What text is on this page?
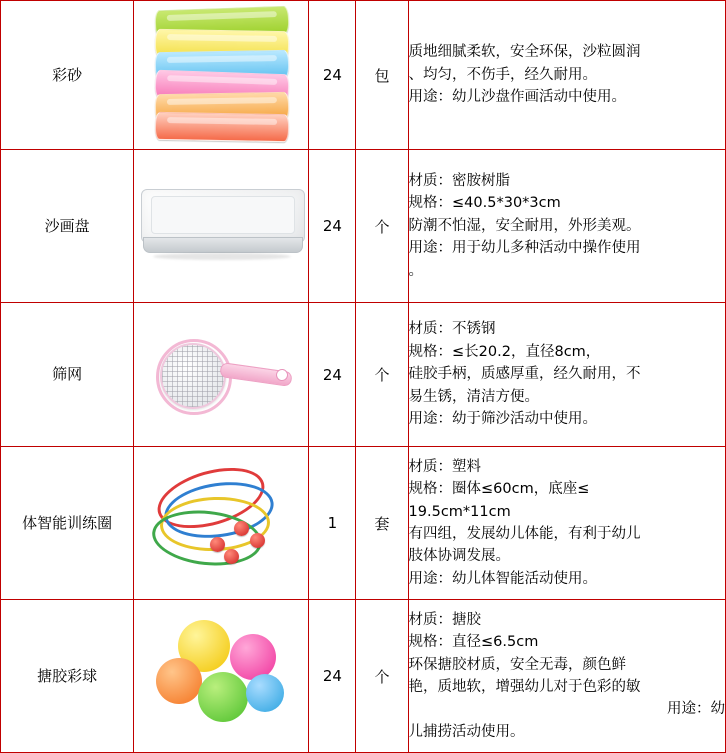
彩砂		24	包	质地细腻柔软，安全环保，沙粒圆润

、均匀，不伤手，经久耐用。

用途：幼儿沙盘作画活动中使用。

沙画盘		24	个	材质：密胺树脂

规格：≤40.5*30*3cm

防潮不怕湿，安全耐用，外形美观。

用途：用于幼儿多种活动中操作使用

。

筛网		24	个	材质：不锈钢

规格：≤长20.2，直径8cm，

硅胶手柄，质感厚重，经久耐用，不

易生锈，清洁方便。

用途：幼于筛沙活动中使用。

体智能训练圈		1	套	

材质：塑料

规格：圈体≤60cm，底座≤

19.5cm*11cm

有四组，发展幼儿体能，有利于幼儿

肢体协调发展。

用途：幼儿体智能活动使用。

搪胶彩球		24	个	

材质：搪胶

规格：直径≤6.5cm

环保搪胶材质，安全无毒，颜色鲜

艳，质地软，增强幼儿对于色彩的敏

用途：幼

儿捕捞活动使用。
